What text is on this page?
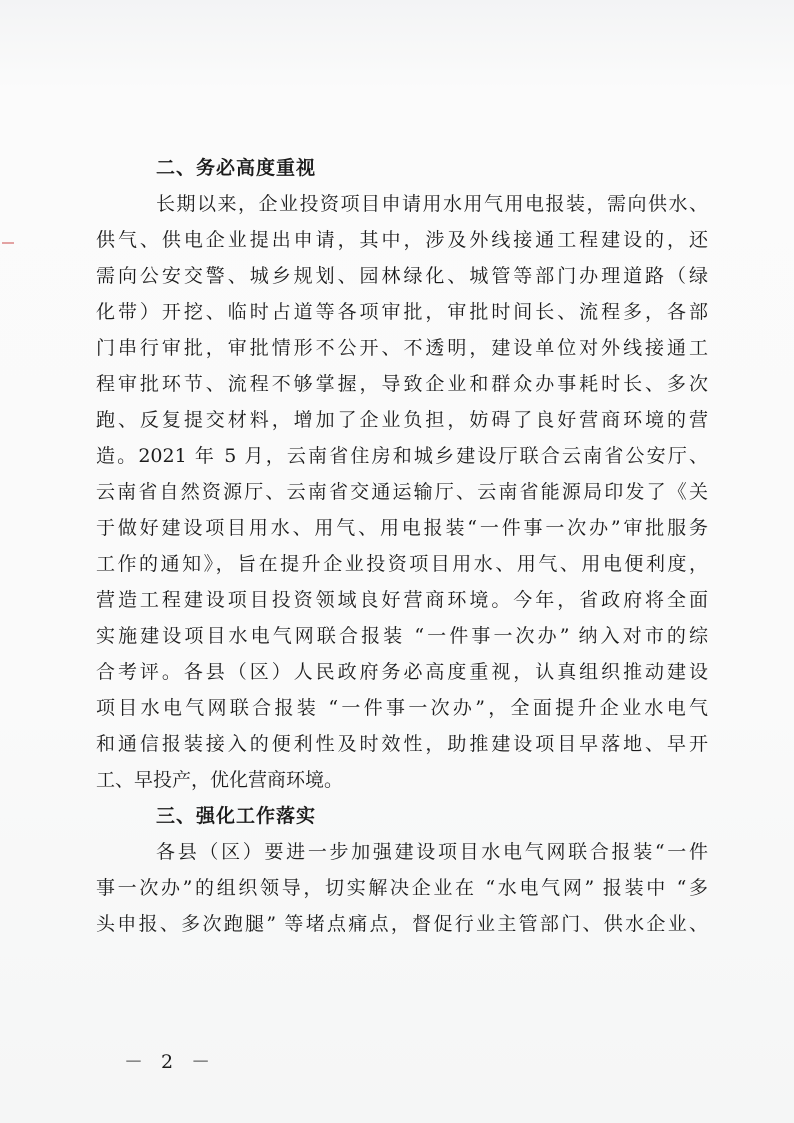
二、务必高度重视

长期以来，企业投资项目申请用水用气用电报装，需向供水、
供气、供电企业提出申请，其中，涉及外线接通工程建设的，还
需向公安交警、城乡规划、园林绿化、城管等部门办理道路（绿
化带）开挖、临时占道等各项审批，审批时间长、流程多，各部
门串行审批，审批情形不公开、不透明，建设单位对外线接通工
程审批环节、流程不够掌握，导致企业和群众办事耗时长、多次
跑、反复提交材料，增加了企业负担，妨碍了良好营商环境的营
造。2021 年 5 月，云南省住房和城乡建设厅联合云南省公安厅、
云南省自然资源厅、云南省交通运输厅、云南省能源局印发了《关
于做好建设项目用水、用气、用电报装“一件事一次办”审批服务
工作的通知》，旨在提升企业投资项目用水、用气、用电便利度，
营造工程建设项目投资领域良好营商环境。今年，省政府将全面
实施建设项目水电气网联合报装 “一件事一次办” 纳入对市的综
合考评。各县（区）人民政府务必高度重视，认真组织推动建设
项目水电气网联合报装 “一件事一次办”，全面提升企业水电气
和通信报装接入的便利性及时效性，助推建设项目早落地、早开
工、早投产，优化营商环境。

三、强化工作落实

各县（区）要进一步加强建设项目水电气网联合报装“一件
事一次办”的组织领导，切实解决企业在 “水电气网” 报装中 “多
头申报、多次跑腿” 等堵点痛点，督促行业主管部门、供水企业、

－ 2 －
